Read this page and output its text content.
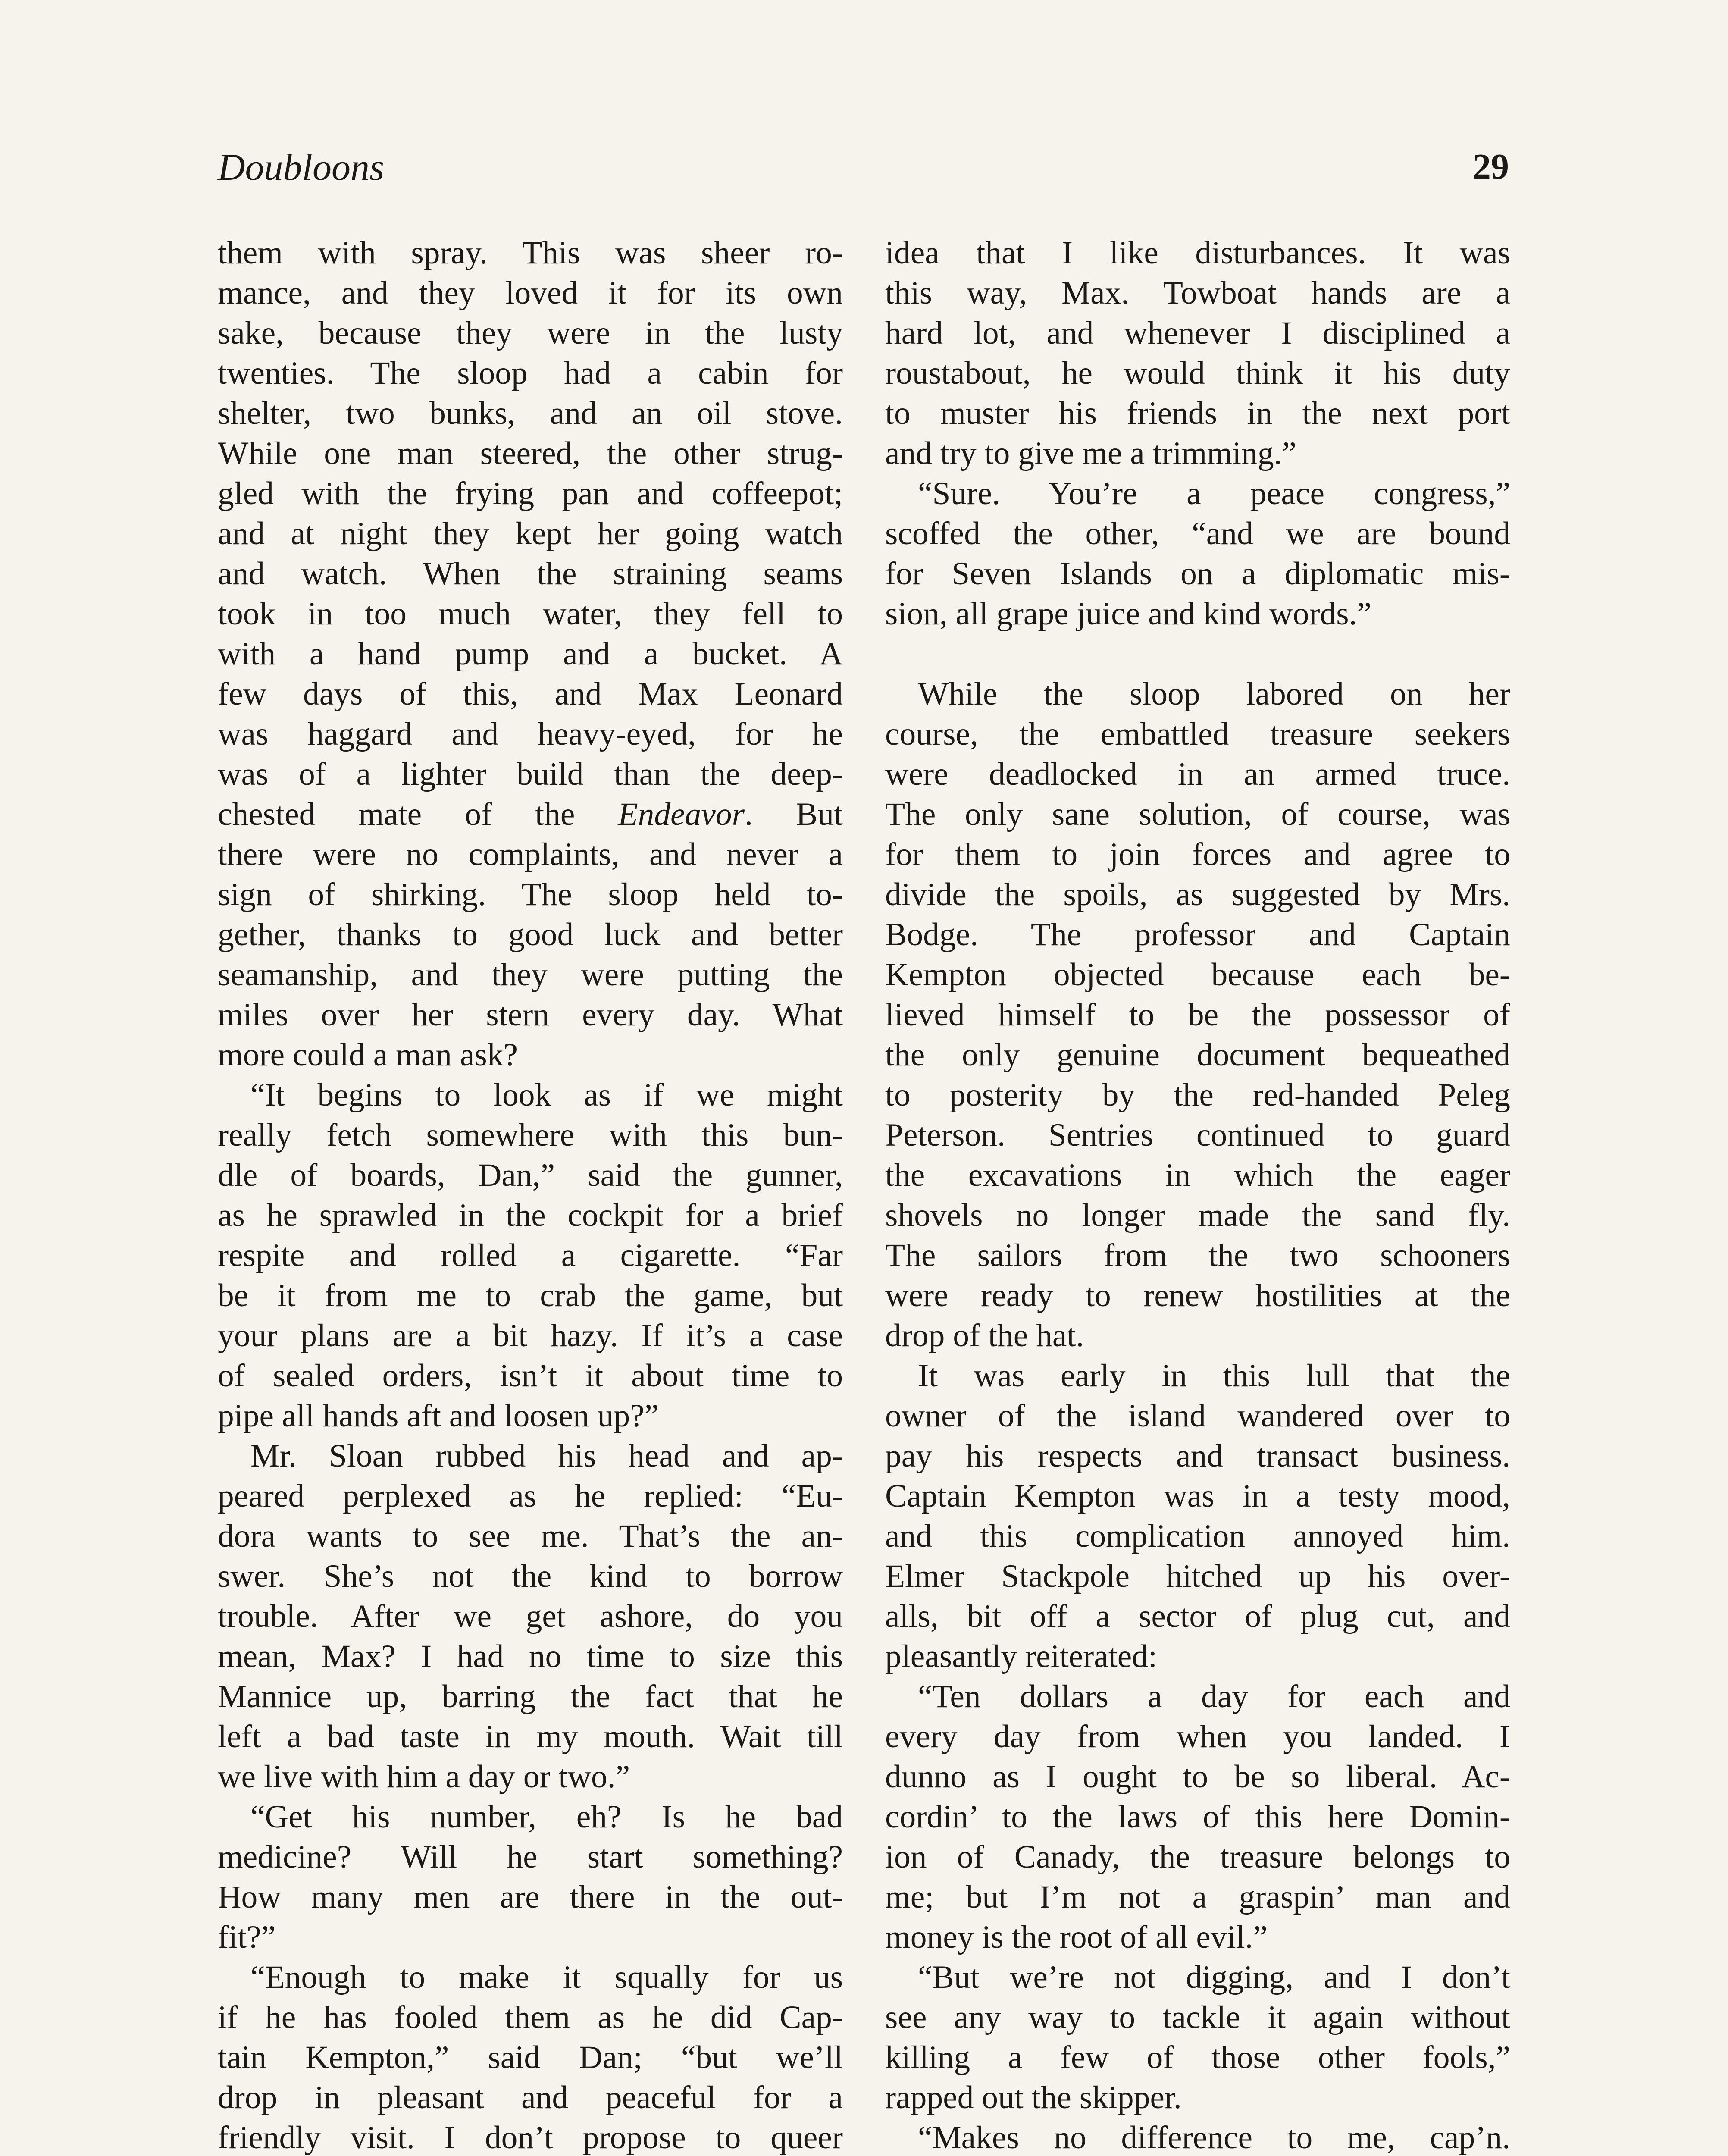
Doubloons	29
them with spray. This was sheer ro-
mance, and they loved it for its own
sake, because they were in the lusty
twenties. The sloop had a cabin for
shelter, two bunks, and an oil stove.
While one man steered, the other strug-
gled with the frying pan and coffeepot;
and at night they kept her going watch
and watch. When the straining seams
took in too much water, they fell to
with a hand pump and a bucket. A
few days of this, and Max Leonard
was haggard and heavy-eyed, for he
was of a lighter build than the deep-
chested mate of the Endeavor. But
there were no complaints, and never a
sign of shirking. The sloop held to-
gether, thanks to good luck and better
seamanship, and they were putting the
miles over her stern every day. What
more could a man ask?
“It begins to look as if we might
really fetch somewhere with this bun-
dle of boards, Dan,” said the gunner,
as he sprawled in the cockpit for a brief
respite and rolled a cigarette. “Far
be it from me to crab the game, but
your plans are a bit hazy. If it’s a case
of sealed orders, isn’t it about time to
pipe all hands aft and loosen up?”
Mr. Sloan rubbed his head and ap-
peared perplexed as he replied: “Eu-
dora wants to see me. That’s the an-
swer. She’s not the kind to borrow
trouble. After we get ashore, do you
mean, Max? I had no time to size this
Mannice up, barring the fact that he
left a bad taste in my mouth. Wait till
we live with him a day or two.”
“Get his number, eh? Is he bad
medicine? Will he start something?
How many men are there in the out-
fit?”
“Enough to make it squally for us
if he has fooled them as he did Cap-
tain Kempton,” said Dan; “but we’ll
drop in pleasant and peaceful for a
friendly visit. I don’t propose to queer
idea that I like disturbances. It was
this way, Max. Towboat hands are a
hard lot, and whenever I disciplined a
roustabout, he would think it his duty
to muster his friends in the next port
and try to give me a trimming.”
“Sure. You’re a peace congress,”
scoffed the other, “and we are bound
for Seven Islands on a diplomatic mis-
sion, all grape juice and kind words.”
While the sloop labored on her
course, the embattled treasure seekers
were deadlocked in an armed truce.
The only sane solution, of course, was
for them to join forces and agree to
divide the spoils, as suggested by Mrs.
Bodge. The professor and Captain
Kempton objected because each be-
lieved himself to be the possessor of
the only genuine document bequeathed
to posterity by the red-handed Peleg
Peterson. Sentries continued to guard
the excavations in which the eager
shovels no longer made the sand fly.
The sailors from the two schooners
were ready to renew hostilities at the
drop of the hat.
It was early in this lull that the
owner of the island wandered over to
pay his respects and transact business.
Captain Kempton was in a testy mood,
and this complication annoyed him.
Elmer Stackpole hitched up his over-
alls, bit off a sector of plug cut, and
pleasantly reiterated:
“Ten dollars a day for each and
every day from when you landed. I
dunno as I ought to be so liberal. Ac-
cordin’ to the laws of this here Domin-
ion of Canady, the treasure belongs to
me; but I’m not a graspin’ man and
money is the root of all evil.”
“But we’re not digging, and I don’t
see any way to tackle it again without
killing a few of those other fools,”
rapped out the skipper.
“Makes no difference to me, cap’n.
